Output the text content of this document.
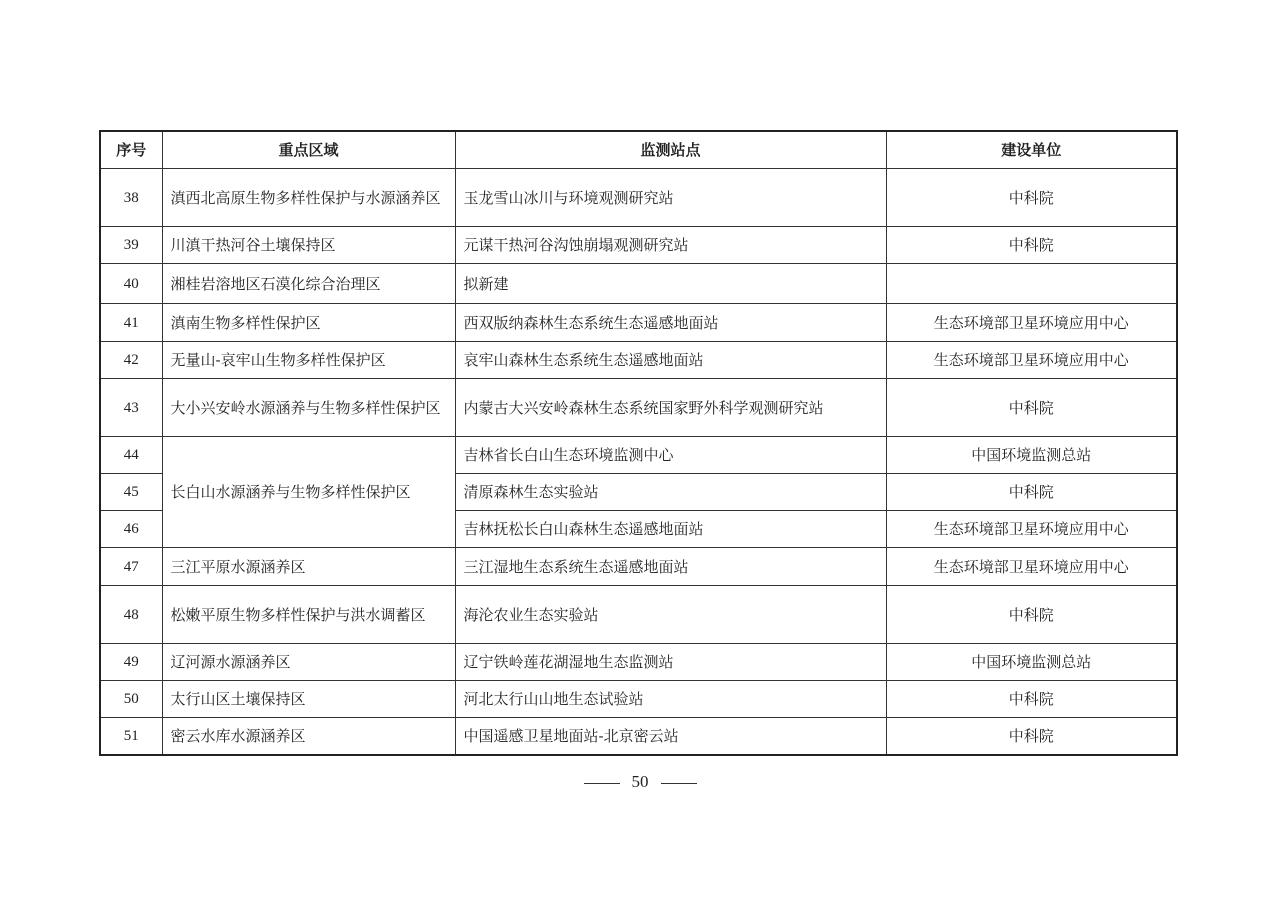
序号	重点区域	监测站点	建设单位
38	滇西北高原生物多样性保护与水源涵养区	玉龙雪山冰川与环境观测研究站	中科院
39	川滇干热河谷土壤保持区	元谋干热河谷沟蚀崩塌观测研究站	中科院
40	湘桂岩溶地区石漠化综合治理区	拟新建	
41	滇南生物多样性保护区	西双版纳森林生态系统生态遥感地面站	生态环境部卫星环境应用中心
42	无量山-哀牢山生物多样性保护区	哀牢山森林生态系统生态遥感地面站	生态环境部卫星环境应用中心
43	大小兴安岭水源涵养与生物多样性保护区	内蒙古大兴安岭森林生态系统国家野外科学观测研究站	中科院
44	长白山水源涵养与生物多样性保护区	吉林省长白山生态环境监测中心	中国环境监测总站
45		清原森林生态实验站	中科院
46		吉林抚松长白山森林生态遥感地面站	生态环境部卫星环境应用中心
47	三江平原水源涵养区	三江湿地生态系统生态遥感地面站	生态环境部卫星环境应用中心
48	松嫩平原生物多样性保护与洪水调蓄区	海沦农业生态实验站	中科院
49	辽河源水源涵养区	辽宁铁岭莲花湖湿地生态监测站	中国环境监测总站
50	太行山区土壤保持区	河北太行山山地生态试验站	中科院
51	密云水库水源涵养区	中国遥感卫星地面站-北京密云站	中科院
50
